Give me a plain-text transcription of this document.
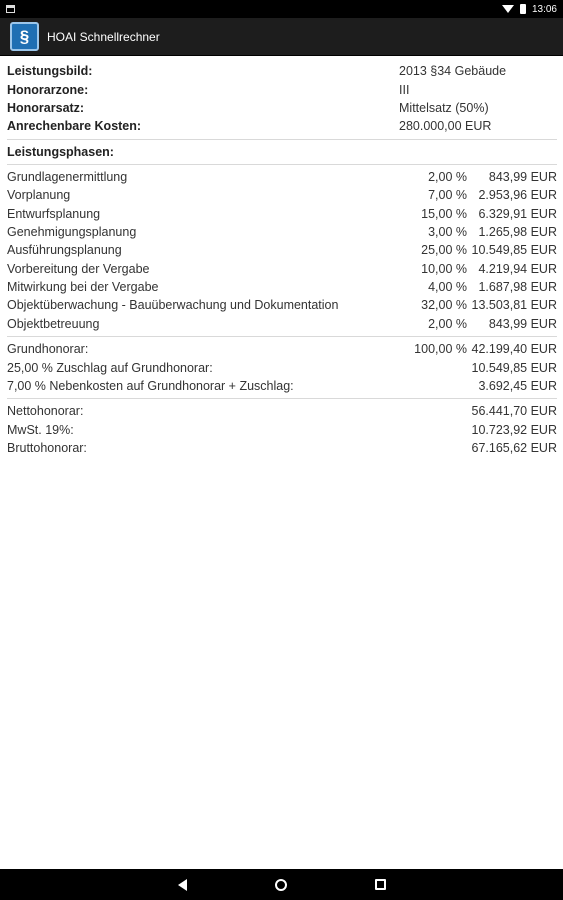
13:06
§	HOAI Schnellrechner
Leistungsbild:	2013 §34 Gebäude
Honorarzone:	III
Honorarsatz:	Mittelsatz (50%)
Anrechenbare Kosten:	280.000,00 EUR
Leistungsphasen:
Grundlagenermittlung	2,00 %	843,99 EUR
Vorplanung	7,00 % 2.953,96 EUR
Entwurfsplanung	15,00 % 6.329,91 EUR
Genehmigungsplanung	3,00 % 1.265,98 EUR
Ausführungsplanung	25,00 % 10.549,85 EUR
Vorbereitung der Vergabe	10,00 % 4.219,94 EUR
Mitwirkung bei der Vergabe	4,00 % 1.687,98 EUR
Objektüberwachung - Bauüberwachung und Dokumentation	32,00 % 13.503,81 EUR
Objektbetreuung	2,00 %	843,99 EUR
Grundhonorar:	100,00 % 42.199,40 EUR
25,00 % Zuschlag auf Grundhonorar:	10.549,85 EUR
7,00 % Nebenkosten auf Grundhonorar + Zuschlag:	3.692,45 EUR
Nettohonorar:	56.441,70 EUR
MwSt. 19%:	10.723,92 EUR
Bruttohonorar:	67.165,62 EUR
